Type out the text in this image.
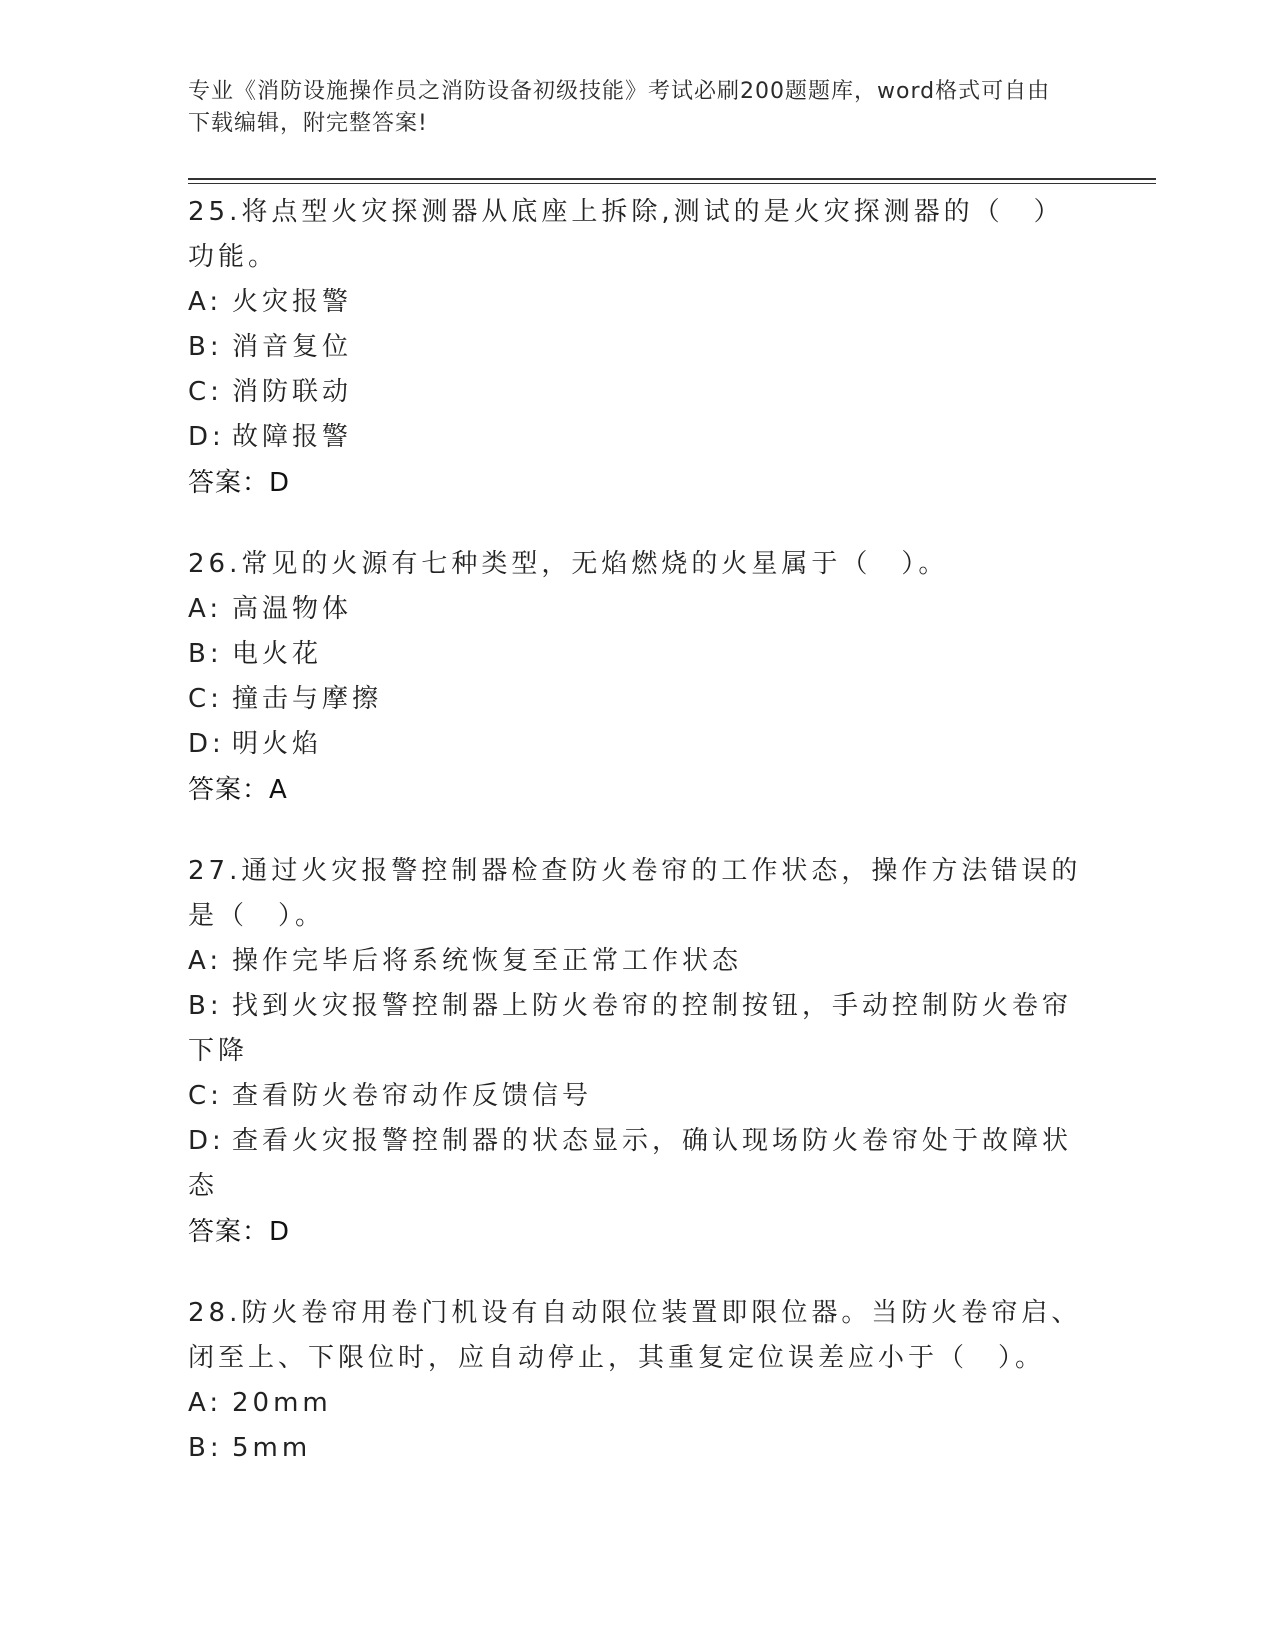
专业《消防设施操作员之消防设备初级技能》考试必刷200题题库，word格式可自由下载编辑，附完整答案!

25.将点型火灾探测器从底座上拆除,测试的是火灾探测器的（　）功能。

A: 火灾报警

B: 消音复位

C: 消防联动

D: 故障报警

答案：D

26.常见的火源有七种类型，无焰燃烧的火星属于（　）。

A: 高温物体

B: 电火花

C: 撞击与摩擦

D: 明火焰

答案：A

27.通过火灾报警控制器检查防火卷帘的工作状态，操作方法错误的是（　）。

A: 操作完毕后将系统恢复至正常工作状态

B: 找到火灾报警控制器上防火卷帘的控制按钮，手动控制防火卷帘下降

C: 查看防火卷帘动作反馈信号

D: 查看火灾报警控制器的状态显示，确认现场防火卷帘处于故障状态

答案：D

28.防火卷帘用卷门机设有自动限位装置即限位器。当防火卷帘启、闭至上、下限位时，应自动停止，其重复定位误差应小于（　）。

A: 20mm

B: 5mm
